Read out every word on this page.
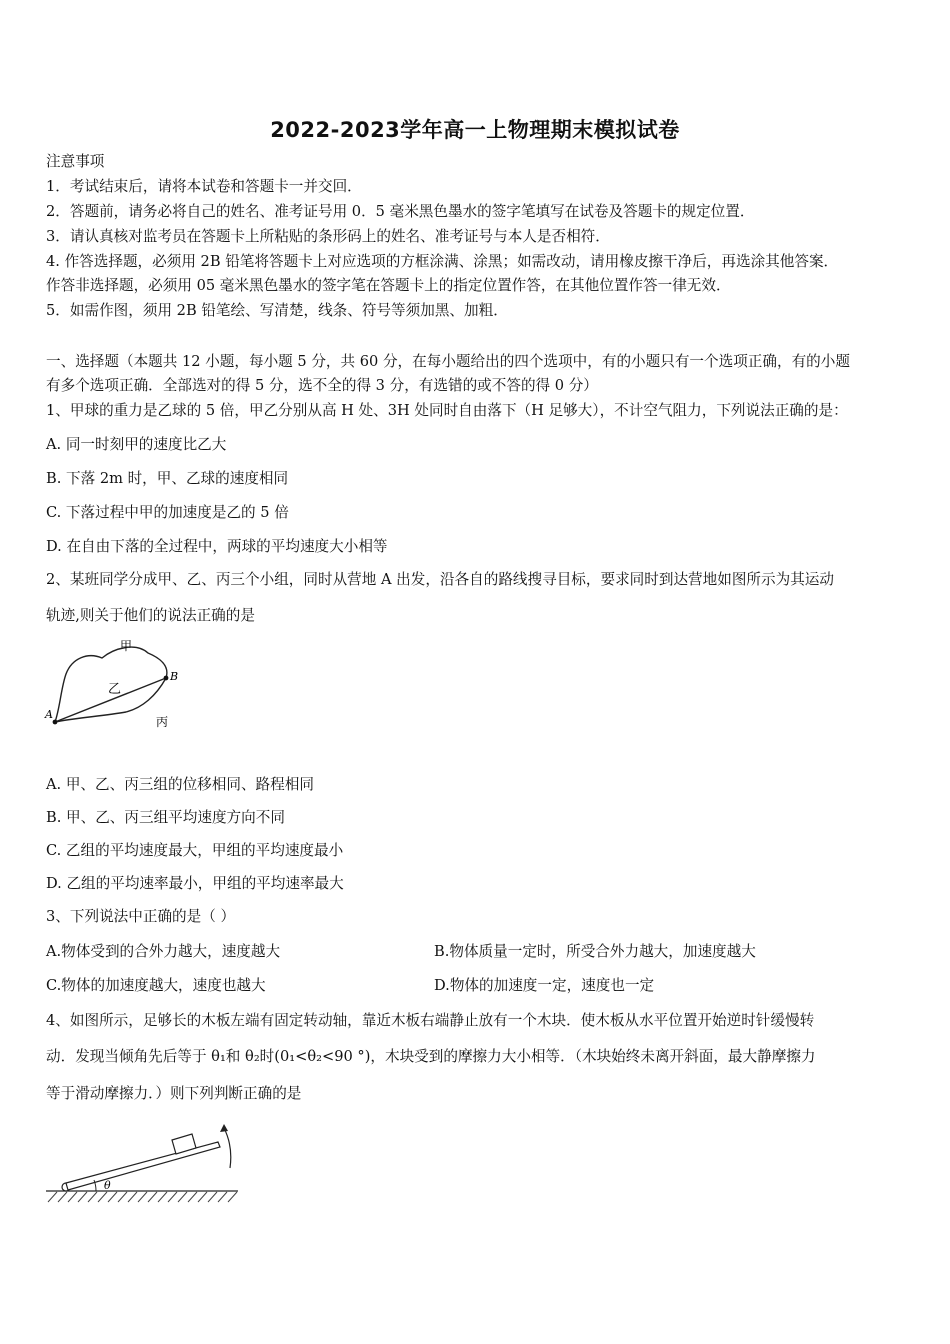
2022-2023学年高一上物理期末模拟试卷
注意事项
1．考试结束后，请将本试卷和答题卡一并交回．
2．答题前，请务必将自己的姓名、准考证号用 0．5 毫米黑色墨水的签字笔填写在试卷及答题卡的规定位置．
3．请认真核对监考员在答题卡上所粘贴的条形码上的姓名、准考证号与本人是否相符．
4. 作答选择题，必须用 2B 铅笔将答题卡上对应选项的方框涂满、涂黑；如需改动，请用橡皮擦干净后，再选涂其他答案．
作答非选择题，必须用 05 毫米黑色墨水的签字笔在答题卡上的指定位置作答，在其他位置作答一律无效．
5．如需作图，须用 2B 铅笔绘、写清楚，线条、符号等须加黑、加粗．
一、选择题（本题共 12 小题，每小题 5 分，共 60 分，在每小题给出的四个选项中，有的小题只有一个选项正确，有的小题
有多个选项正确．全部选对的得 5 分，选不全的得 3 分，有选错的或不答的得 0 分）
1、甲球的重力是乙球的 5 倍，甲乙分别从高 H 处、3H 处同时自由落下（H 足够大），不计空气阻力，下列说法正确的是：
A. 同一时刻甲的速度比乙大
B. 下落 2m 时，甲、乙球的速度相同
C. 下落过程中甲的加速度是乙的 5 倍
D. 在自由下落的全过程中，两球的平均速度大小相等
2、某班同学分成甲、乙、丙三个小组，同时从营地 A 出发，沿各自的路线搜寻目标，要求同时到达营地如图所示为其运动
轨迹,则关于他们的说法正确的是
甲
乙
丙
A
B
A. 甲、乙、丙三组的位移相同、路程相同
B. 甲、乙、丙三组平均速度方向不同
C. 乙组的平均速度最大，甲组的平均速度最小
D. 乙组的平均速率最小，甲组的平均速率最大
3、下列说法中正确的是（ ）
A.物体受到的合外力越大，速度越大	B.物体质量一定时，所受合外力越大，加速度越大
C.物体的加速度越大，速度也越大	D.物体的加速度一定，速度也一定
4、如图所示，足够长的木板左端有固定转动轴，靠近木板右端静止放有一个木块．使木板从水平位置开始逆时针缓慢转
动．发现当倾角先后等于 θ₁和 θ₂时(0₁<θ₂<90 °)，木块受到的摩擦力大小相等．（木块始终未离开斜面，最大静摩擦力
等于滑动摩擦力．）则下列判断正确的是
θ
